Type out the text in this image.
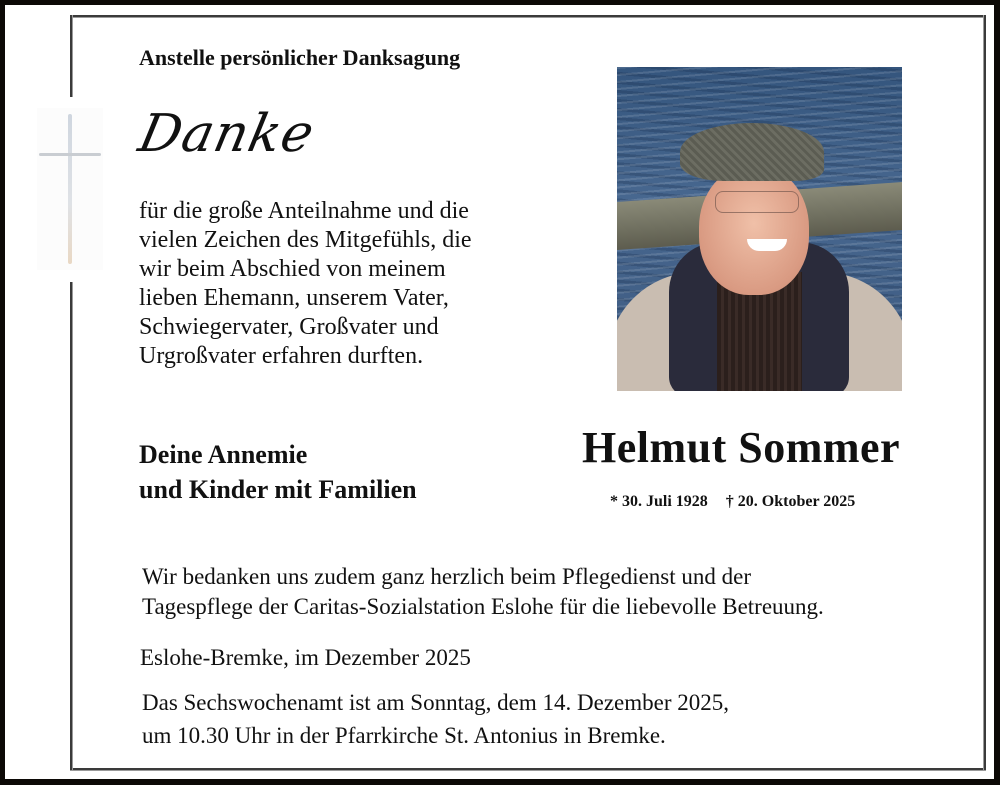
Anstelle persönlicher Danksagung
Danke
für die große Anteilnahme und die
vielen Zeichen des Mitgefühls, die
wir beim Abschied von meinem
lieben Ehemann, unserem Vater,
Schwiegervater, Großvater und
Urgroßvater erfahren durften.
Deine Annemie
und Kinder mit Familien
Helmut Sommer
* 30. Juli 1928 † 20. Oktober 2025
Wir bedanken uns zudem ganz herzlich beim Pflegedienst und der
Tagespflege der Caritas-Sozialstation Eslohe für die liebevolle Betreuung.
Eslohe-Bremke, im Dezember 2025
Das Sechswochenamt ist am Sonntag, dem 14. Dezember 2025,
um 10.30 Uhr in der Pfarrkirche St. Antonius in Bremke.
